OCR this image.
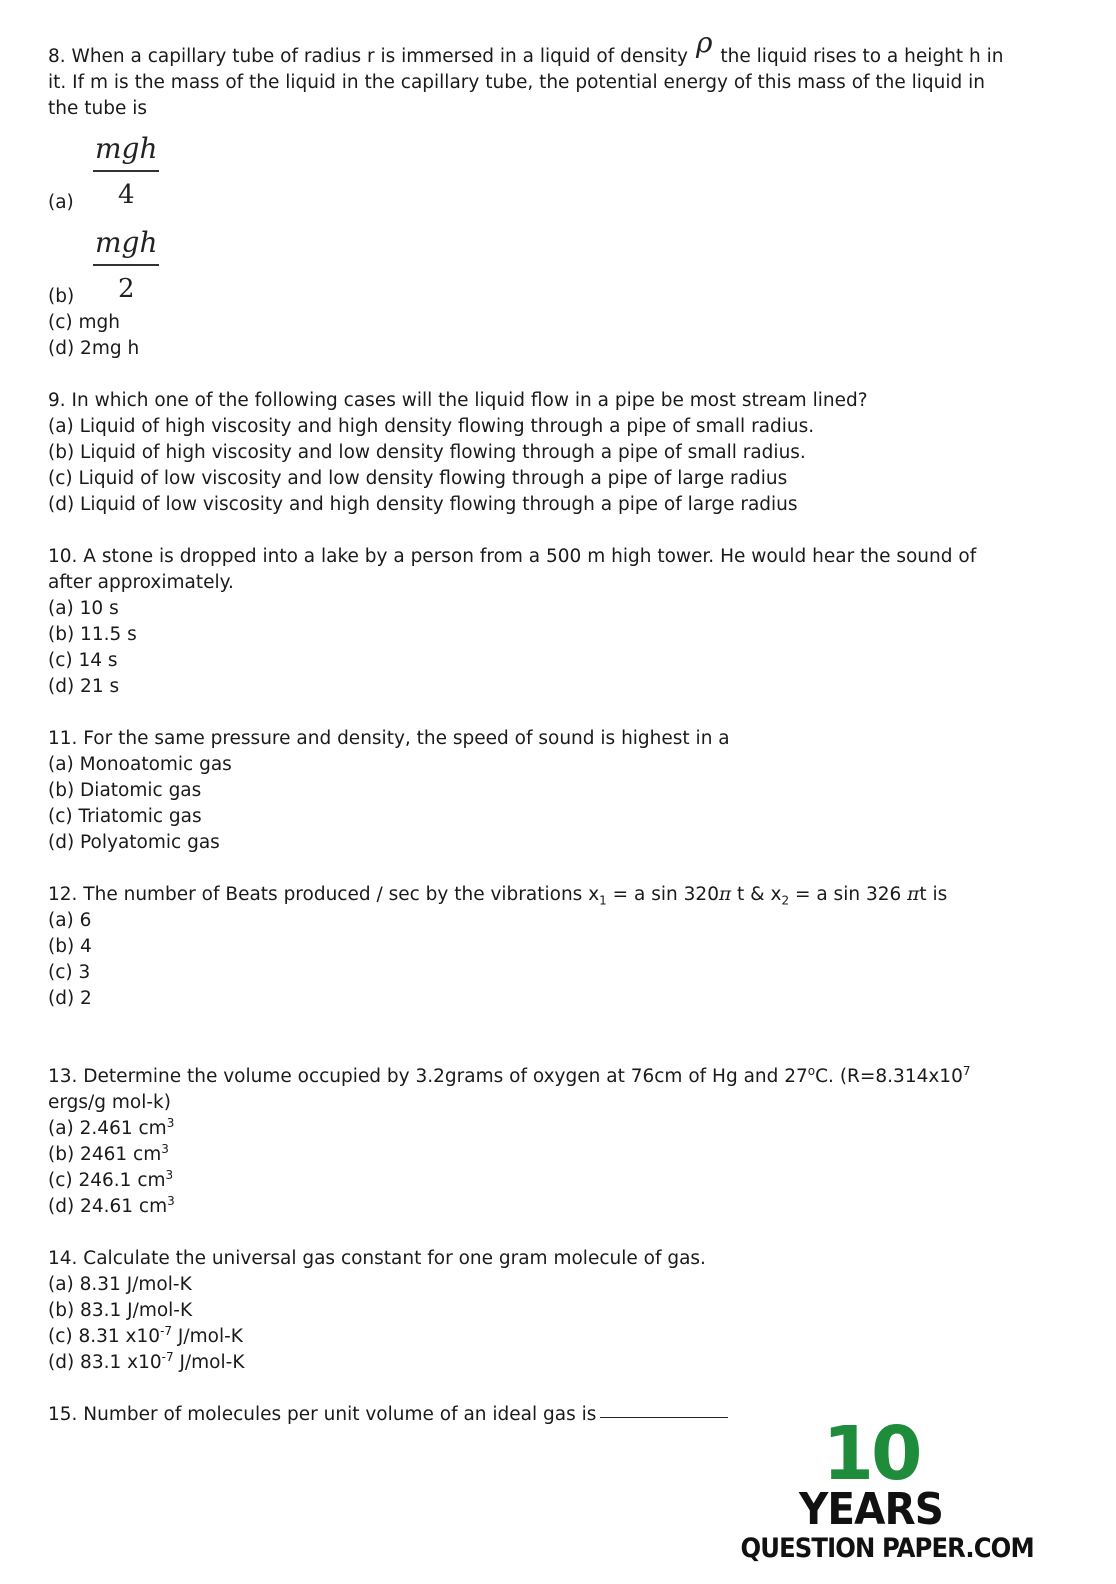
8. When a capillary tube of radius r is immersed in a liquid of density ρ the liquid rises to a height h in it. If m is the mass of the liquid in the capillary tube, the potential energy of this mass of the liquid in the tube is

$(a) \frac{\text{mgh}}{4}$
$(b) \frac{\text{mgh}}{2}$

(c) mgh

(d) 2mg h

9. In which one of the following cases will the liquid flow in a pipe be most stream lined?

(a) Liquid of high viscosity and high density flowing through a pipe of small radius.

(b) Liquid of high viscosity and low density flowing through a pipe of small radius.

(c) Liquid of low viscosity and low density flowing through a pipe of large radius

(d) Liquid of low viscosity and high density flowing through a pipe of large radius

10. A stone is dropped into a lake by a person from a 500 m high tower. He would hear the sound of after approximately.

(a) 10 s

(b) 11.5 s

(c) 14 s

(d) 21 s

11. For the same pressure and density, the speed of sound is highest in a

(a) Monoatomic gas

(b) Diatomic gas

(c) Triatomic gas

(d) Polyatomic gas

12. The number of Beats produced / sec by the vibrations $x_1 = a$ sin 320π t & $x_2 = a$ sin 326 πt is

(a) 6

(b) 4

(c) 3

(d) 2

13. Determine the volume occupied by 3.2grams of oxygen at 76cm of Hg and 27$^o$C. ($R=8.314x10^7$ ergs/g mol-k)

(a) 2.461 $cm^3$

(b) 2461 $cm^3$

(c) 246.1 $cm^3$

(d) 24.61 $cm^3$

14. Calculate the universal gas constant for one gram molecule of gas.

(a) 8.31 J/mol-K

(b) 83.1 J/mol-K

(c) 8.31 $x10^{-7}$ J/mol-K

(d) 83.1 $x10^{-7}$ J/mol-K

15. Number of molecules per unit volume of an ideal gas is	10
YEARS
QUESTION PAPER.COM
